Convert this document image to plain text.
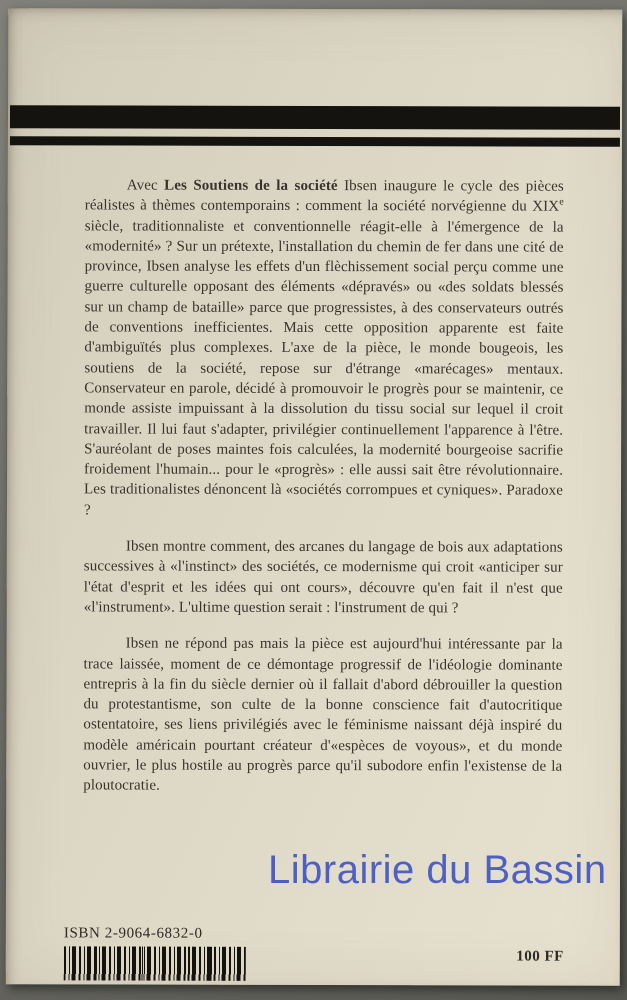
Avec Les Soutiens de la société Ibsen inaugure le cycle des pièces réalistes à thèmes contemporains : comment la société norvégienne du XIXe siècle, traditionnaliste et conventionnelle réagit-elle à l'émergence de la «modernité» ? Sur un prétexte, l'installation du chemin de fer dans une cité de province, Ibsen analyse les effets d'un flèchissement social perçu comme une guerre culturelle opposant des éléments «dépravés» ou «des soldats blessés sur un champ de bataille» parce que progressistes, à des conservateurs outrés de conventions inefficientes. Mais cette opposition apparente est faite d'ambiguïtés plus complexes. L'axe de la pièce, le monde bougeois, les soutiens de la société, repose sur d'étrange «marécages» mentaux. Conservateur en parole, décidé à promouvoir le progrès pour se maintenir, ce monde assiste impuissant à la dissolution du tissu social sur lequel il croit travailler. Il lui faut s'adapter, privilégier continuellement l'apparence à l'être. S'auréolant de poses maintes fois calculées, la modernité bourgeoise sacrifie froidement l'humain... pour le «progrès» : elle aussi sait être révolutionnaire. Les traditionalistes dénoncent là «sociétés corrompues et cyniques». Paradoxe ?

Ibsen montre comment, des arcanes du langage de bois aux adaptations successives à «l'instinct» des sociétés, ce modernisme qui croit «anticiper sur l'état d'esprit et les idées qui ont cours», découvre qu'en fait il n'est que «l'instrument». L'ultime question serait : l'instrument de qui ?

Ibsen ne répond pas mais la pièce est aujourd'hui intéressante par la trace laissée, moment de ce démontage progressif de l'idéologie dominante entrepris à la fin du siècle dernier où il fallait d'abord débrouiller la question du protestantisme, son culte de la bonne conscience fait d'autocritique ostentatoire, ses liens privilégiés avec le féminisme naissant déjà inspiré du modèle américain pourtant créateur d'«espèces de voyous», et du monde ouvrier, le plus hostile au progrès parce qu'il subodore enfin l'existense de la ploutocratie.

ISBN 2-9064-6832-0
100 FF
Librairie du Bassin
